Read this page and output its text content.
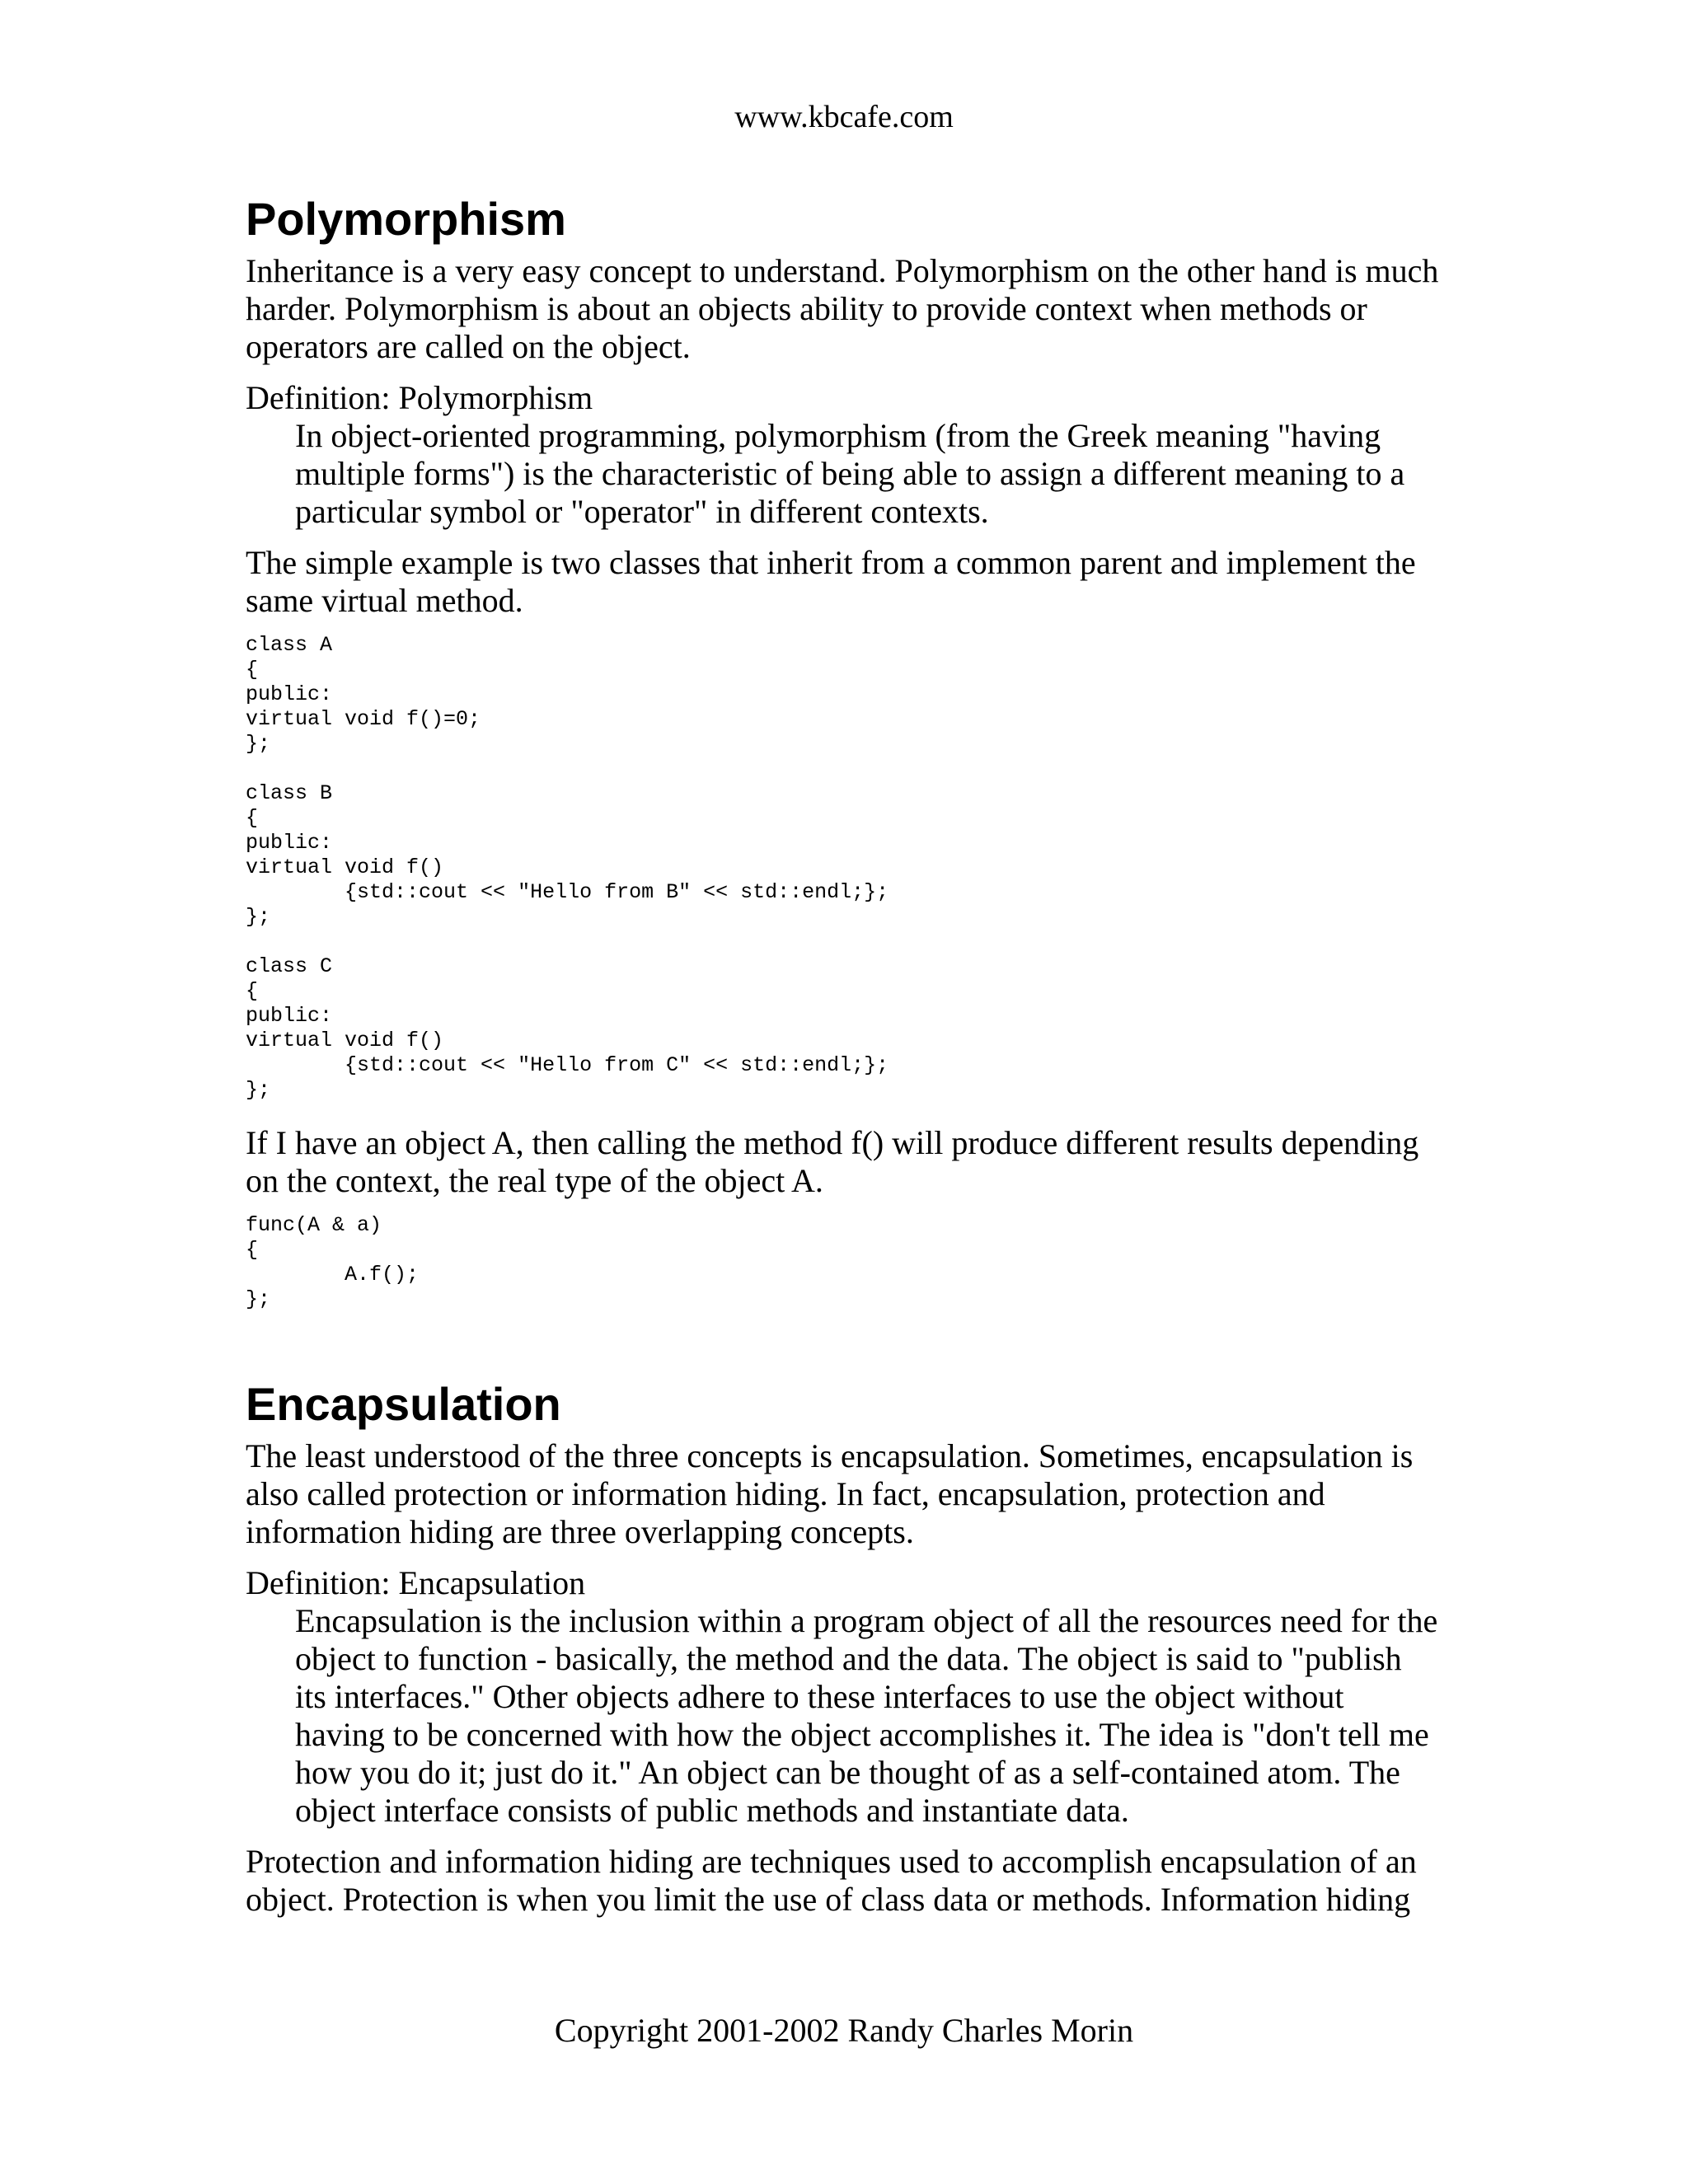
www.kbcafe.com
Polymorphism

Inheritance is a very easy concept to understand. Polymorphism on the other hand is much harder. Polymorphism is about an objects ability to provide context when methods or operators are called on the object.

Definition: Polymorphism
In object-oriented programming, polymorphism (from the Greek meaning "having multiple forms") is the characteristic of being able to assign a different meaning to a particular symbol or "operator" in different contexts.

The simple example is two classes that inherit from a common parent and implement the same virtual method.

class A
{
public:
virtual void f()=0;
};

class B
{
public:
virtual void f()
	{std::cout << "Hello from B" << std::endl;};
};

class C
{
public:
virtual void f()
	{std::cout << "Hello from C" << std::endl;};
};

If I have an object A, then calling the method f() will produce different results depending on the context, the real type of the object A.

func(A & a)
{
	A.f();
};
Encapsulation

The least understood of the three concepts is encapsulation. Sometimes, encapsulation is also called protection or information hiding. In fact, encapsulation, protection and information hiding are three overlapping concepts.

Definition: Encapsulation
Encapsulation is the inclusion within a program object of all the resources need for the object to function - basically, the method and the data. The object is said to "publish its interfaces." Other objects adhere to these interfaces to use the object without having to be concerned with how the object accomplishes it. The idea is "don't tell me how you do it; just do it." An object can be thought of as a self-contained atom. The object interface consists of public methods and instantiate data.

Protection and information hiding are techniques used to accomplish encapsulation of an object. Protection is when you limit the use of class data or methods. Information hiding

Copyright 2001-2002 Randy Charles Morin
